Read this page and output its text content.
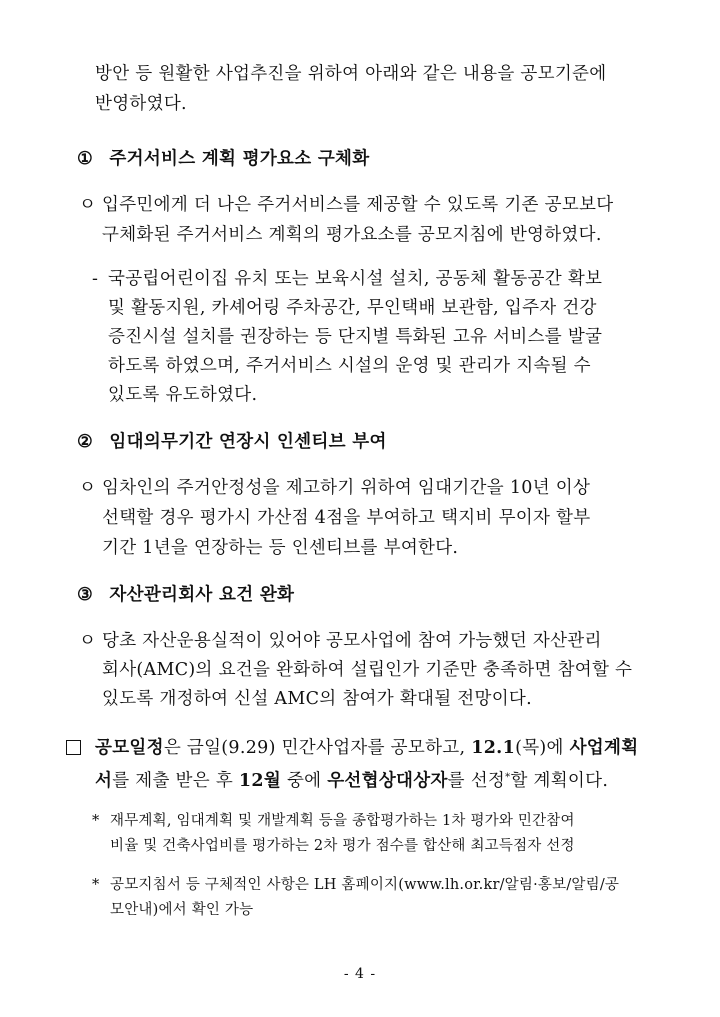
방안 등 원활한 사업추진을 위하여 아래와 같은 내용을 공모기준에
반영하였다.
① 주거서비스 계획 평가요소 구체화
ㅇ 입주민에게 더 나은 주거서비스를 제공할 수 있도록 기존 공모보다
구체화된 주거서비스 계획의 평가요소를 공모지침에 반영하였다.
- 국공립어린이집 유치 또는 보육시설 설치, 공동체 활동공간 확보
및 활동지원, 카셰어링 주차공간, 무인택배 보관함, 입주자 건강
증진시설 설치를 권장하는 등 단지별 특화된 고유 서비스를 발굴
하도록 하였으며, 주거서비스 시설의 운영 및 관리가 지속될 수
있도록 유도하였다.
② 임대의무기간 연장시 인센티브 부여
ㅇ 임차인의 주거안정성을 제고하기 위하여 임대기간을 10년 이상
선택할 경우 평가시 가산점 4점을 부여하고 택지비 무이자 할부
기간 1년을 연장하는 등 인센티브를 부여한다.
③ 자산관리회사 요건 완화
ㅇ 당초 자산운용실적이 있어야 공모사업에 참여 가능했던 자산관리
회사(AMC)의 요건을 완화하여 설립인가 기준만 충족하면 참여할 수
있도록 개정하여 신설 AMC의 참여가 확대될 전망이다.
공모일정은 금일(9.29) 민간사업자를 공모하고, 12.1(목)에 사업계획
서를 제출 받은 후 12월 중에 우선협상대상자를 선정*할 계획이다.
* 재무계획, 임대계획 및 개발계획 등을 종합평가하는 1차 평가와 민간참여
비율 및 건축사업비를 평가하는 2차 평가 점수를 합산해 최고득점자 선정
* 공모지침서 등 구체적인 사항은 LH 홈페이지(www.lh.or.kr/알림·홍보/알림/공
모안내)에서 확인 가능
- 4 -
